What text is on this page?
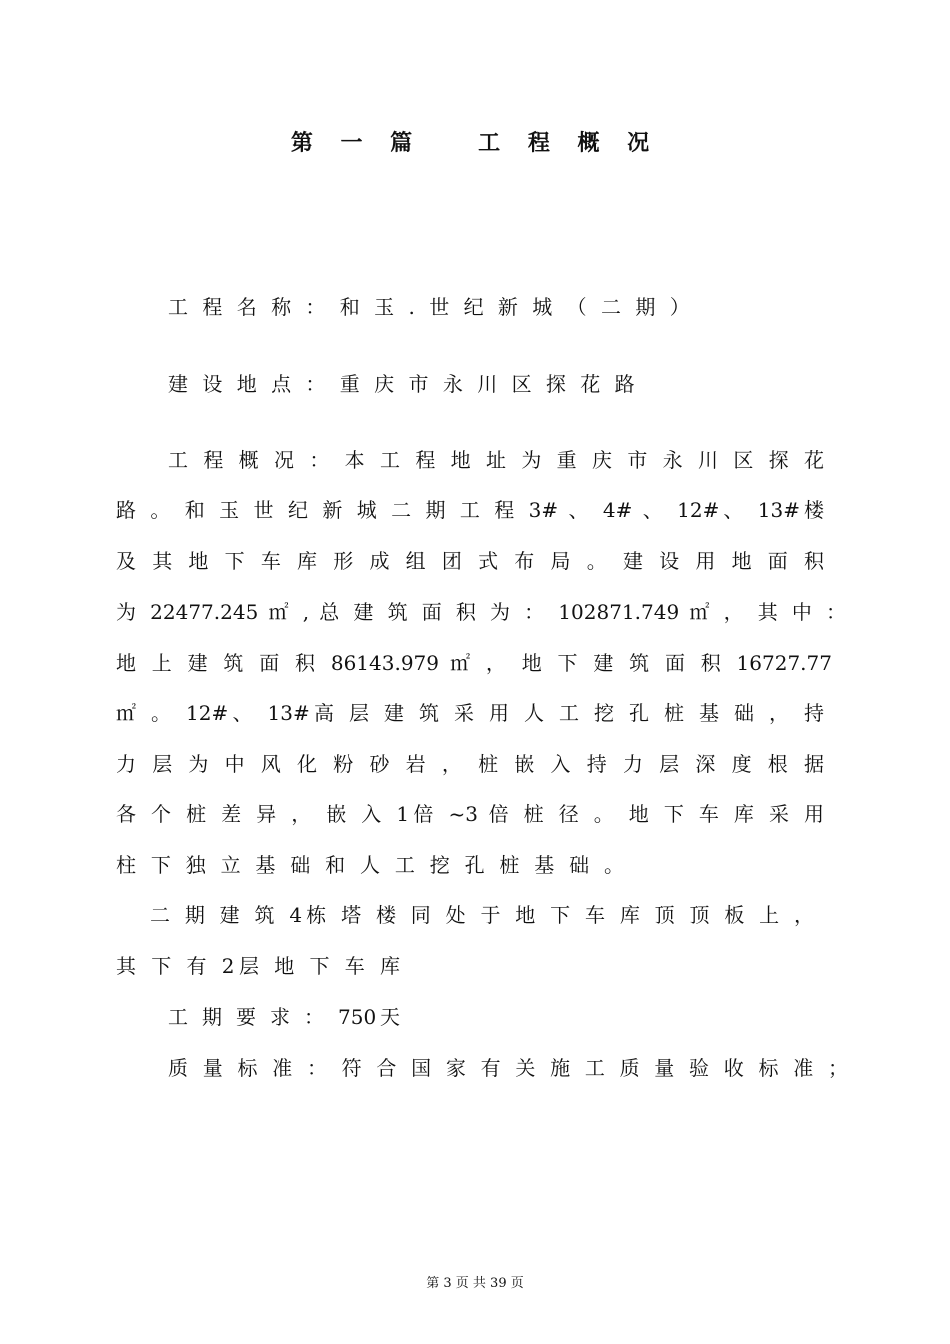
第 一 篇	工 程 概 况
工 程 名 称 ： 和 玉 . 世 纪 新 城 （ 二 期 ）
建 设 地 点 ： 重 庆 市 永 川 区 探 花 路
工 程 概 况 ： 本 工 程 地 址 为 重 庆 市 永 川 区 探 花
路 。 和 玉 世 纪 新 城 二 期 工 程 3# 、 4# 、 12#、 13#楼
及 其 地 下 车 库 形 成 组 团 式 布 局 。 建 设 用 地 面 积
为 22477.245 ㎡ , 总 建 筑 面 积 为 ： 102871.749 ㎡ ， 其 中 ：
地 上 建 筑 面 积 86143.979 ㎡ ， 地 下 建 筑 面 积 16727.77
㎡ 。 12#、 13#高 层 建 筑 采 用 人 工 挖 孔 桩 基 础 ， 持
力 层 为 中 风 化 粉 砂 岩 ， 桩 嵌 入 持 力 层 深 度 根 据
各 个 桩 差 异 ， 嵌 入 1倍 ~3 倍 桩 径 。 地 下 车 库 采 用
柱 下 独 立 基 础 和 人 工 挖 孔 桩 基 础 。
二 期 建 筑 4栋 塔 楼 同 处 于 地 下 车 库 顶 顶 板 上 ，
其 下 有 2层 地 下 车 库
工 期 要 求 ： 750天
质 量 标 准 ： 符 合 国 家 有 关 施 工 质 量 验 收 标 准 ；
第 3 页 共 39 页
